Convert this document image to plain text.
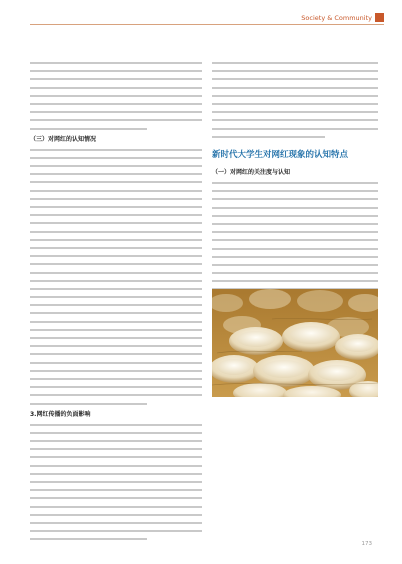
Society & Community
（三）对网红的认知情况
3.网红传播的负面影响
新时代大学生对网红现象的认知特点
（一）对网红的关注度与认知
173
